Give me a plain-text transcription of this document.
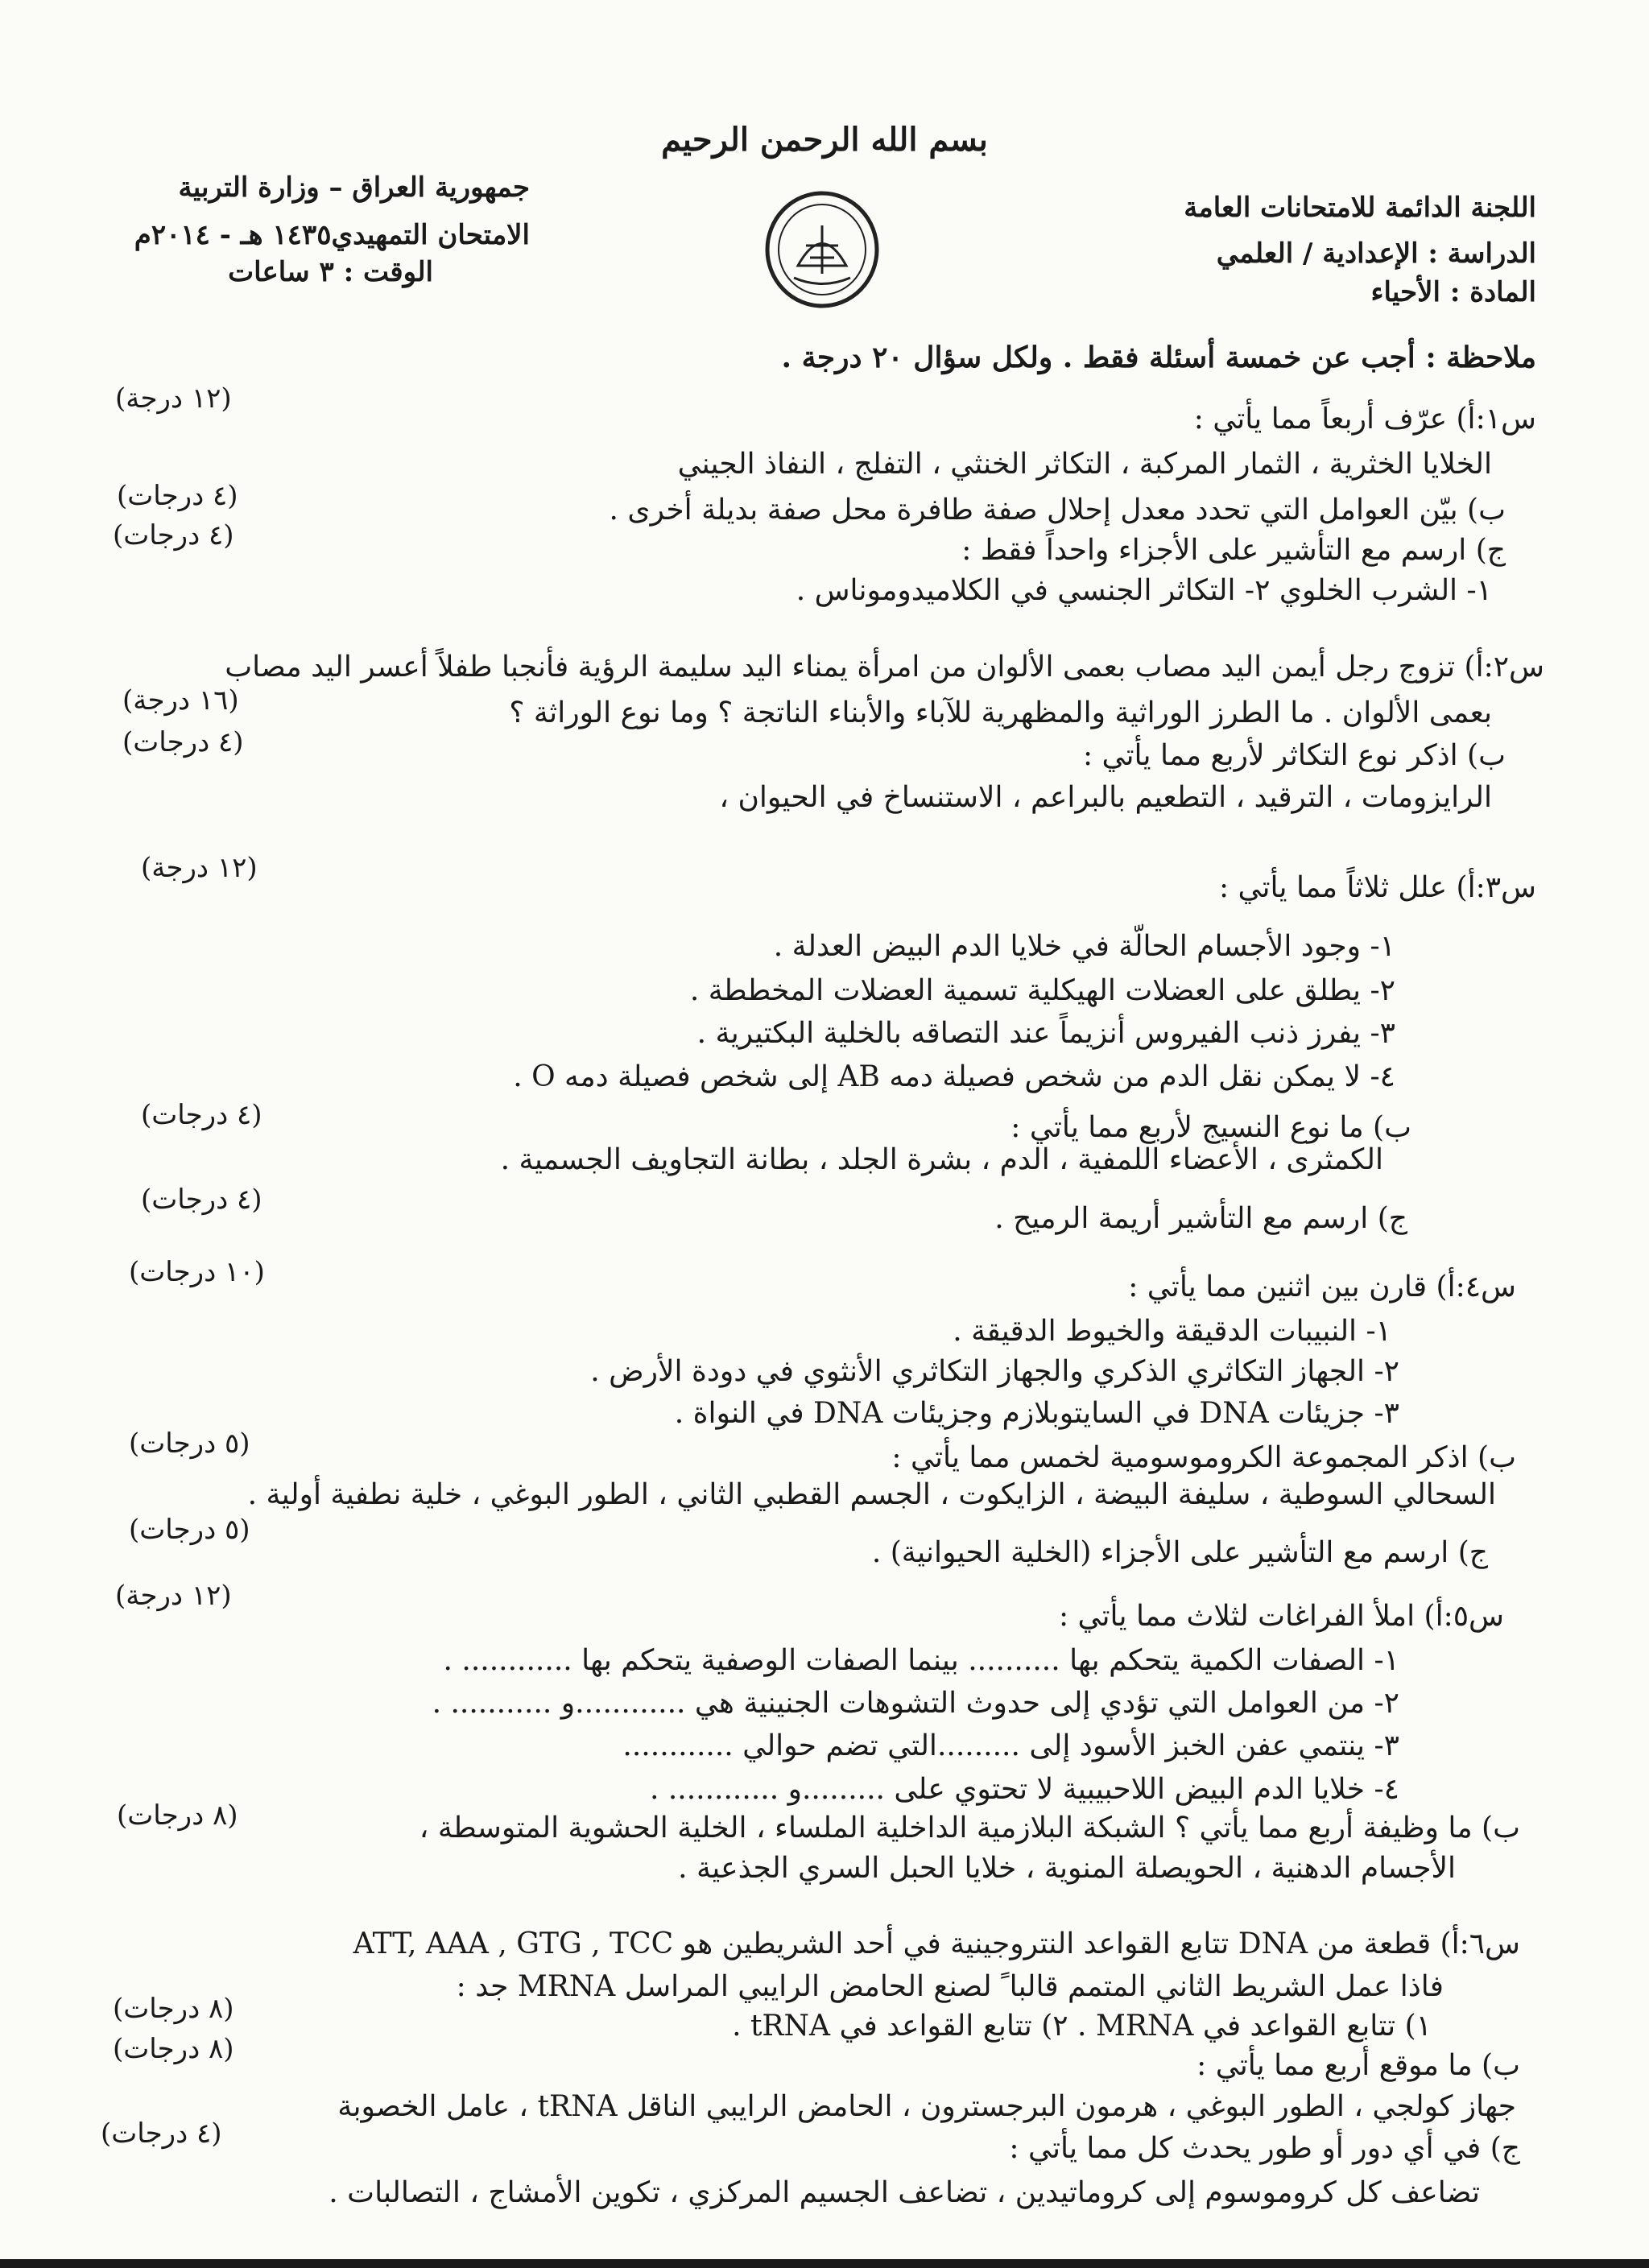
بسم الله الرحمن الرحيم
اللجنة الدائمة للامتحانات العامة
الدراسة : الإعدادية / العلمي
المادة : الأحياء
جمهورية العراق – وزارة التربية
الامتحان التمهيدي١٤٣٥ هـ - ٢٠١٤م
الوقت : ٣ ساعات
ملاحظة : أجب عن خمسة أسئلة فقط . ولكل سؤال ٢٠ درجة .
(١٢ درجة)
س١:أ) عرّف أربعاً مما يأتي :
الخلايا الخثرية ، الثمار المركبة ، التكاثر الخنثي ، التفلج ، النفاذ الجيني
(٤ درجات)	ب) بيّن العوامل التي تحدد معدل إحلال صفة طافرة محل صفة بديلة أخرى .
(٤ درجات)	ج) ارسم مع التأشير على الأجزاء واحداً فقط :
١- الشرب الخلوي ٢- التكاثر الجنسي في الكلاميدوموناس .
س٢:أ) تزوج رجل أيمن اليد مصاب بعمى الألوان من امرأة يمناء اليد سليمة الرؤية فأنجبا طفلاً أعسر اليد مصاب
بعمى الألوان . ما الطرز الوراثية والمظهرية للآباء والأبناء الناتجة ؟ وما نوع الوراثة ؟
(١٦ درجة)
(٤ درجات)	ب) اذكر نوع التكاثر لأربع مما يأتي :
الرايزومات ، الترقيد ، التطعيم بالبراعم ، الاستنساخ في الحيوان ،
(١٢ درجة)
س٣:أ) علل ثلاثاً مما يأتي :
١- وجود الأجسام الحالّة في خلايا الدم البيض العدلة .
٢- يطلق على العضلات الهيكلية تسمية العضلات المخططة .
٣- يفرز ذنب الفيروس أنزيماً عند التصاقه بالخلية البكتيرية .
٤- لا يمكن نقل الدم من شخص فصيلة دمه AB إلى شخص فصيلة دمه O .
(٤ درجات)	ب) ما نوع النسيج لأربع مما يأتي :
الكمثرى ، الأعضاء اللمفية ، الدم ، بشرة الجلد ، بطانة التجاويف الجسمية .
(٤ درجات)
ج) ارسم مع التأشير أريمة الرميح .
(١٠ درجات)	س٤:أ) قارن بين اثنين مما يأتي :
١- النبيبات الدقيقة والخيوط الدقيقة .
٢- الجهاز التكاثري الذكري والجهاز التكاثري الأنثوي في دودة الأرض .
٣- جزيئات DNA في السايتوبلازم وجزيئات DNA في النواة .
(٥ درجات)	ب) اذكر المجموعة الكروموسومية لخمس مما يأتي :
السحالي السوطية ، سليفة البيضة ، الزايكوت ، الجسم القطبي الثاني ، الطور البوغي ، خلية نطفية أولية .
(٥ درجات)
ج) ارسم مع التأشير على الأجزاء (الخلية الحيوانية) .
(١٢ درجة)
س٥:أ) املأ الفراغات لثلاث مما يأتي :
١- الصفات الكمية يتحكم بها .......... بينما الصفات الوصفية يتحكم بها ............ .
٢- من العوامل التي تؤدي إلى حدوث التشوهات الجنينية هي ............و ........... .
٣- ينتمي عفن الخبز الأسود إلى .........التي تضم حوالي ............
٤- خلايا الدم البيض اللاحبيبية لا تحتوي على .........و ............ .
(٨ درجات)	ب) ما وظيفة أربع مما يأتي ؟ الشبكة البلازمية الداخلية الملساء ، الخلية الحشوية المتوسطة ،
الأجسام الدهنية ، الحويصلة المنوية ، خلايا الحبل السري الجذعية .
س٦:أ) قطعة من DNA تتابع القواعد النتروجينية في أحد الشريطين هو ATT, AAA , GTG , TCC
فاذا عمل الشريط الثاني المتمم قالبا ً لصنع الحامض الرايبي المراسل MRNA جد :
(٨ درجات)
١) تتابع القواعد في MRNA . ٢) تتابع القواعد في tRNA .
(٨ درجات)	ب) ما موقع أربع مما يأتي :
جهاز كولجي ، الطور البوغي ، هرمون البرجسترون ، الحامض الرايبي الناقل tRNA ، عامل الخصوبة
(٤ درجات)	ج) في أي دور أو طور يحدث كل مما يأتي :
تضاعف كل كروموسوم إلى كروماتيدين ، تضاعف الجسيم المركزي ، تكوين الأمشاج ، التصالبات .
